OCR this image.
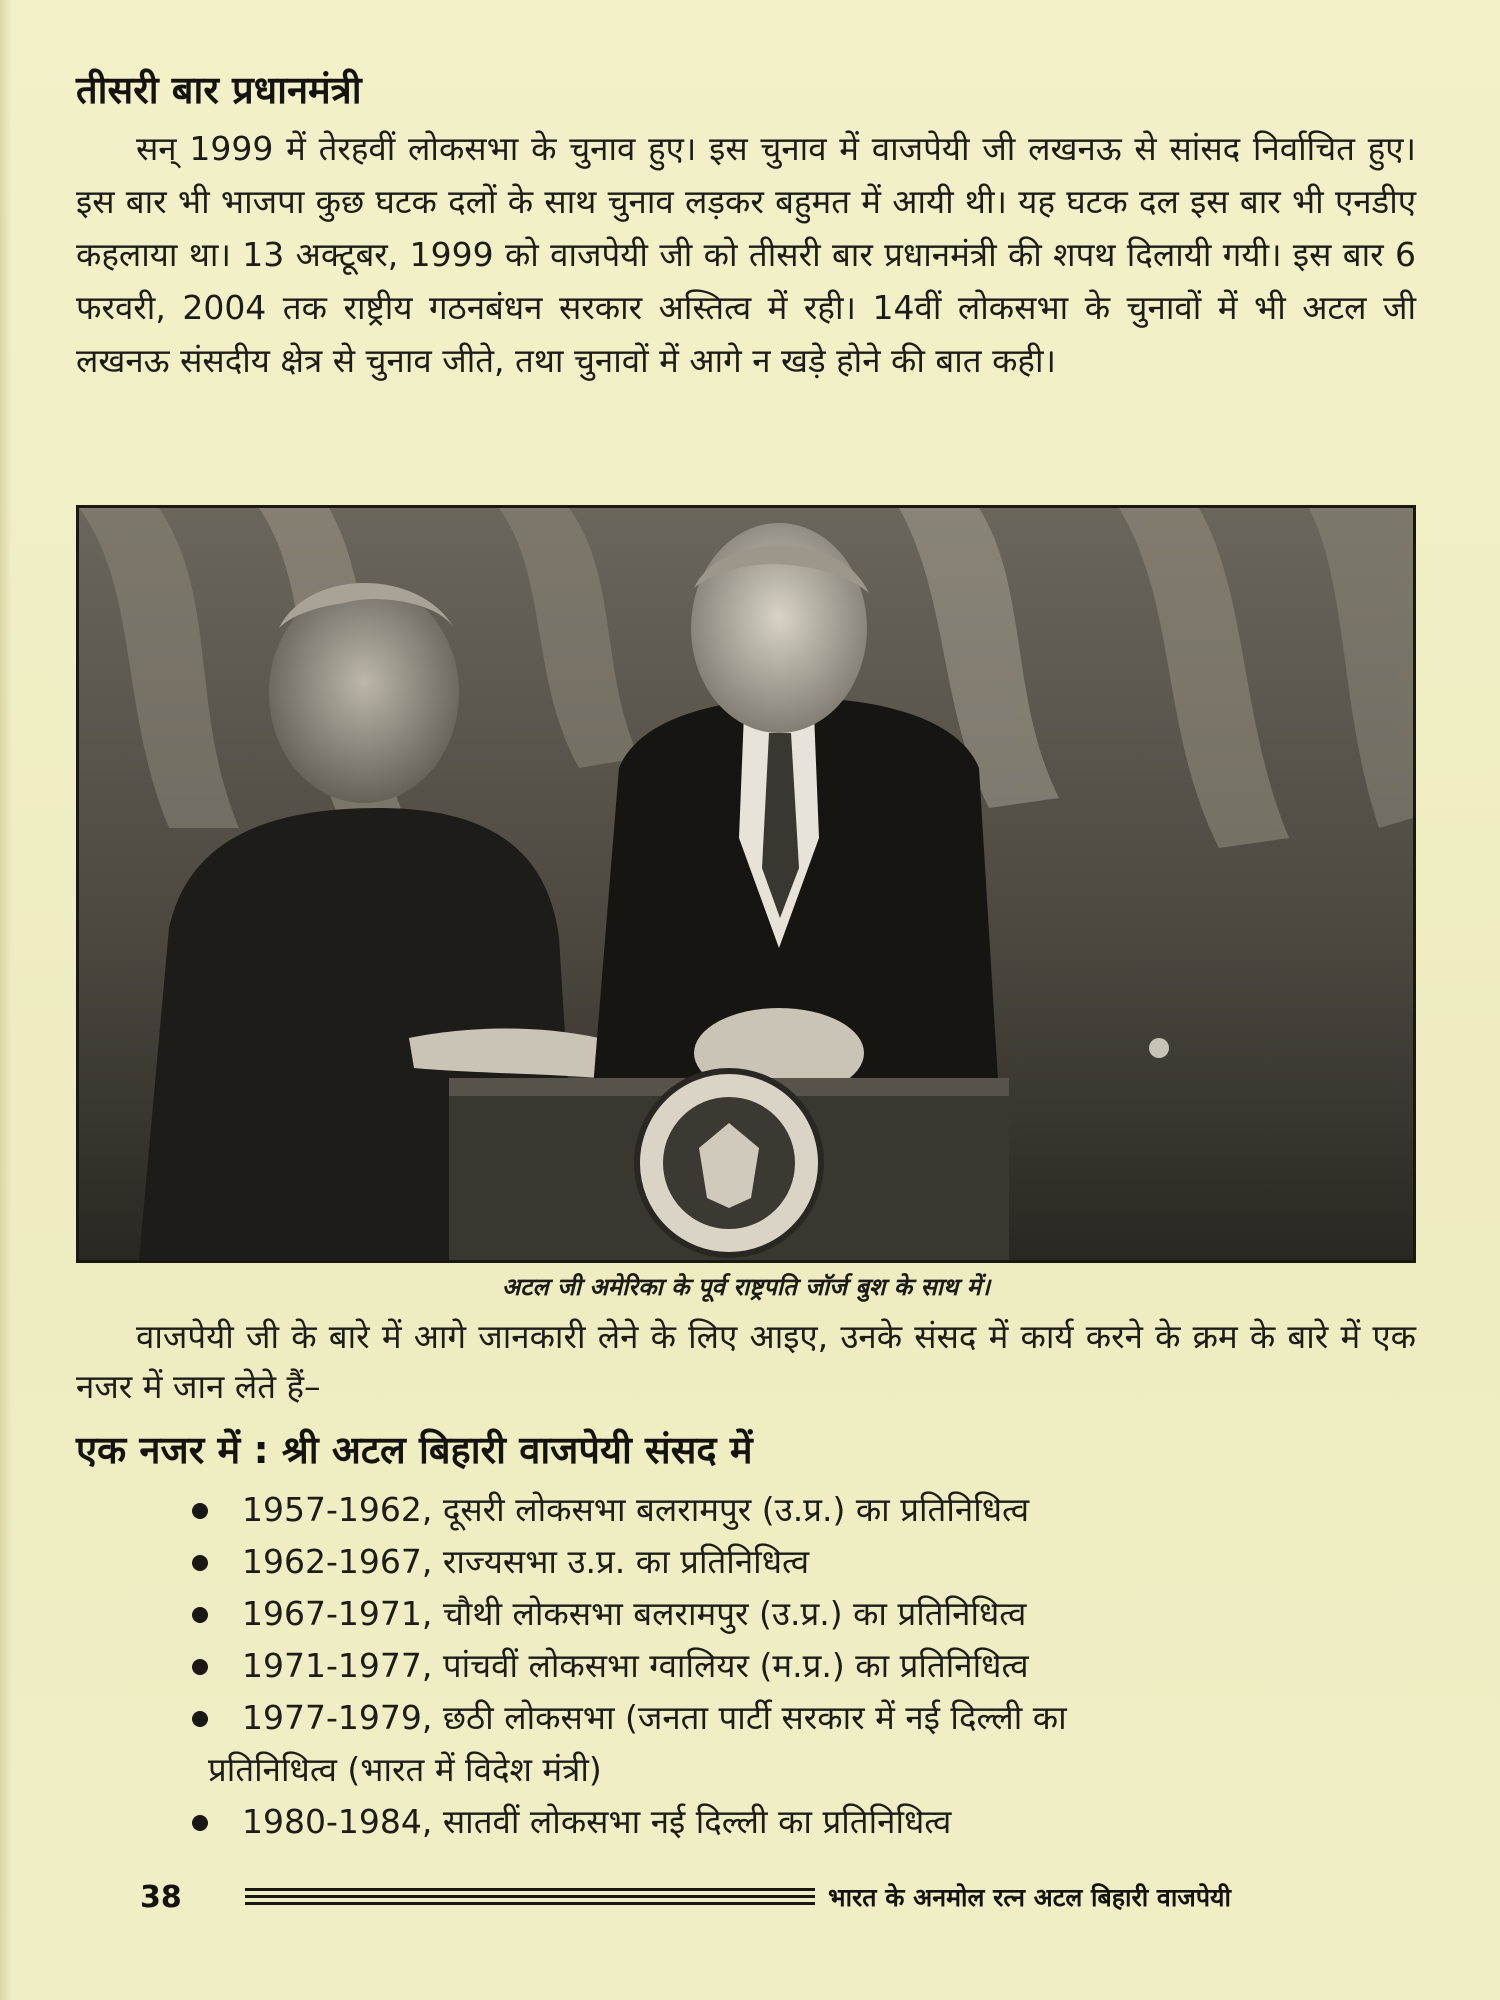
तीसरी बार प्रधानमंत्री
सन् 1999 में तेरहवीं लोकसभा के चुनाव हुए। इस चुनाव में वाजपेयी जी लखनऊ से सांसद निर्वाचित हुए। इस बार भी भाजपा कुछ घटक दलों के साथ चुनाव लड़कर बहुमत में आयी थी। यह घटक दल इस बार भी एनडीए कहलाया था। 13 अक्टूबर, 1999 को वाजपेयी जी को तीसरी बार प्रधानमंत्री की शपथ दिलायी गयी। इस बार 6 फरवरी, 2004 तक राष्ट्रीय गठनबंधन सरकार अस्तित्व में रही। 14वीं लोकसभा के चुनावों में भी अटल जी लखनऊ संसदीय क्षेत्र से चुनाव जीते, तथा चुनावों में आगे न खड़े होने की बात कही।
अटल जी अमेरिका के पूर्व राष्ट्रपति जॉर्ज बुश के साथ में।
वाजपेयी जी के बारे में आगे जानकारी लेने के लिए आइए, उनके संसद में कार्य करने के क्रम के बारे में एक नजर में जान लेते हैं–
एक नजर में : श्री अटल बिहारी वाजपेयी संसद में
1957-1962, दूसरी लोकसभा बलरामपुर (उ.प्र.) का प्रतिनिधित्व
1962-1967, राज्यसभा उ.प्र. का प्रतिनिधित्व
1967-1971, चौथी लोकसभा बलरामपुर (उ.प्र.) का प्रतिनिधित्व
1971-1977, पांचवीं लोकसभा ग्वालियर (म.प्र.) का प्रतिनिधित्व
1977-1979, छठी लोकसभा (जनता पार्टी सरकार में नई दिल्ली का
प्रतिनिधित्व (भारत में विदेश मंत्री)
1980-1984, सातवीं लोकसभा नई दिल्ली का प्रतिनिधित्व
38	भारत के अनमोल रत्न अटल बिहारी वाजपेयी
